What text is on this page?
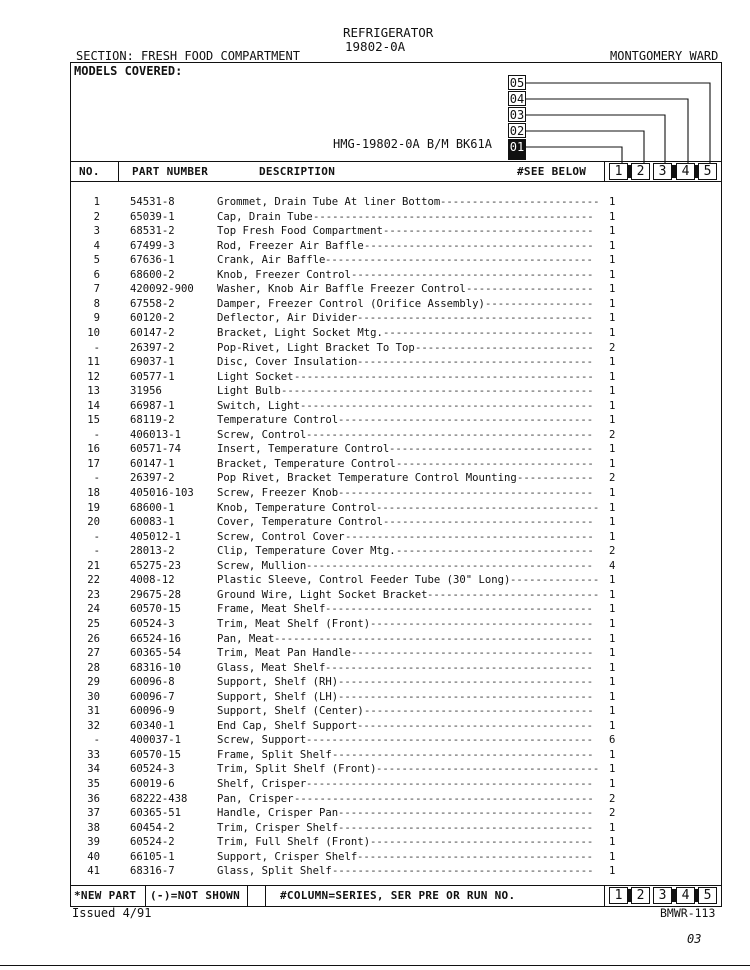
REFRIGERATOR
19802-0A
SECTION: FRESH FOOD COMPARTMENT	MONTGOMERY WARD
MODELS COVERED:
05
04
03
02
01
HMG-19802-0A B/M BK61A
NO.	PART NUMBER	DESCRIPTION	#SEE BELOW	1	2	3	4	5
1	54531-8	Grommet, Drain Tube At liner Bottom ------------------------- 1
2	65039-1	Cap, Drain Tube -------------------------------------------- 1
3	68531-2	Top Fresh Food Compartment --------------------------------- 1
4	67499-3	Rod, Freezer Air Baffle ------------------------------------ 1
5	67636-1	Crank, Air Baffle ------------------------------------------ 1
6	68600-2	Knob, Freezer Control -------------------------------------- 1
7	420092-900 Washer, Knob Air Baffle Freezer Control -------------------- 1
8	67558-2	Damper, Freezer Control (Orifice Assembly) ----------------- 1
9	60120-2	Deflector, Air Divider ------------------------------------- 1
10	60147-2	Bracket, Light Socket Mtg. --------------------------------- 1
-	26397-2	Pop-Rivet, Light Bracket To Top ---------------------------- 2
11	69037-1	Disc, Cover Insulation ------------------------------------- 1
12	60577-1	Light Socket ----------------------------------------------- 1
13	31956	Light Bulb ------------------------------------------------- 1
14	66987-1	Switch, Light ---------------------------------------------- 1
15	68119-2	Temperature Control ---------------------------------------- 1
-	406013-1	Screw, Control --------------------------------------------- 2
16	60571-74	Insert, Temperature Control -------------------------------- 1
17	60147-1	Bracket, Temperature Control ------------------------------- 1
-	26397-2	Pop Rivet, Bracket Temperature Control Mounting ------------ 2
18	405016-103 Screw, Freezer Knob ---------------------------------------- 1
19	68600-1	Knob, Temperature Control ----------------------------------- 1
20	60083-1	Cover, Temperature Control --------------------------------- 1
-	405012-1	Screw, Control Cover --------------------------------------- 1
-	28013-2	Clip, Temperature Cover Mtg. ------------------------------- 2
21	65275-23	Screw, Mullion --------------------------------------------- 4
22	4008-12	Plastic Sleeve, Control Feeder Tube (30" Long) -------------- 1
23	29675-28	Ground Wire, Light Socket Bracket --------------------------- 1
24	60570-15	Frame, Meat Shelf ------------------------------------------ 1
25	60524-3	Trim, Meat Shelf (Front) ----------------------------------- 1
26	66524-16	Pan, Meat -------------------------------------------------- 1
27	60365-54	Trim, Meat Pan Handle -------------------------------------- 1
28	68316-10	Glass, Meat Shelf ------------------------------------------ 1
29	60096-8	Support, Shelf (RH) ---------------------------------------- 1
30	60096-7	Support, Shelf (LH) ---------------------------------------- 1
31	60096-9	Support, Shelf (Center) ------------------------------------ 1
32	60340-1	End Cap, Shelf Support ------------------------------------- 1
-	400037-1	Screw, Support --------------------------------------------- 6
33	60570-15	Frame, Split Shelf ----------------------------------------- 1
34	60524-3	Trim, Split Shelf (Front) ----------------------------------- 1
35	60019-6	Shelf, Crisper --------------------------------------------- 1
36	68222-438	Pan, Crisper ----------------------------------------------- 2
37	60365-51	Handle, Crisper Pan ---------------------------------------- 2
38	60454-2	Trim, Crisper Shelf ---------------------------------------- 1
39	60524-2	Trim, Full Shelf (Front) ----------------------------------- 1
40	66105-1	Support, Crisper Shelf ------------------------------------- 1
41	68316-7	Glass, Split Shelf ----------------------------------------- 1
*NEW PART (-)=NOT SHOWN	#COLUMN=SERIES, SER PRE OR RUN NO.	1	2	3	4	5
Issued 4/91	BMWR-113
03
